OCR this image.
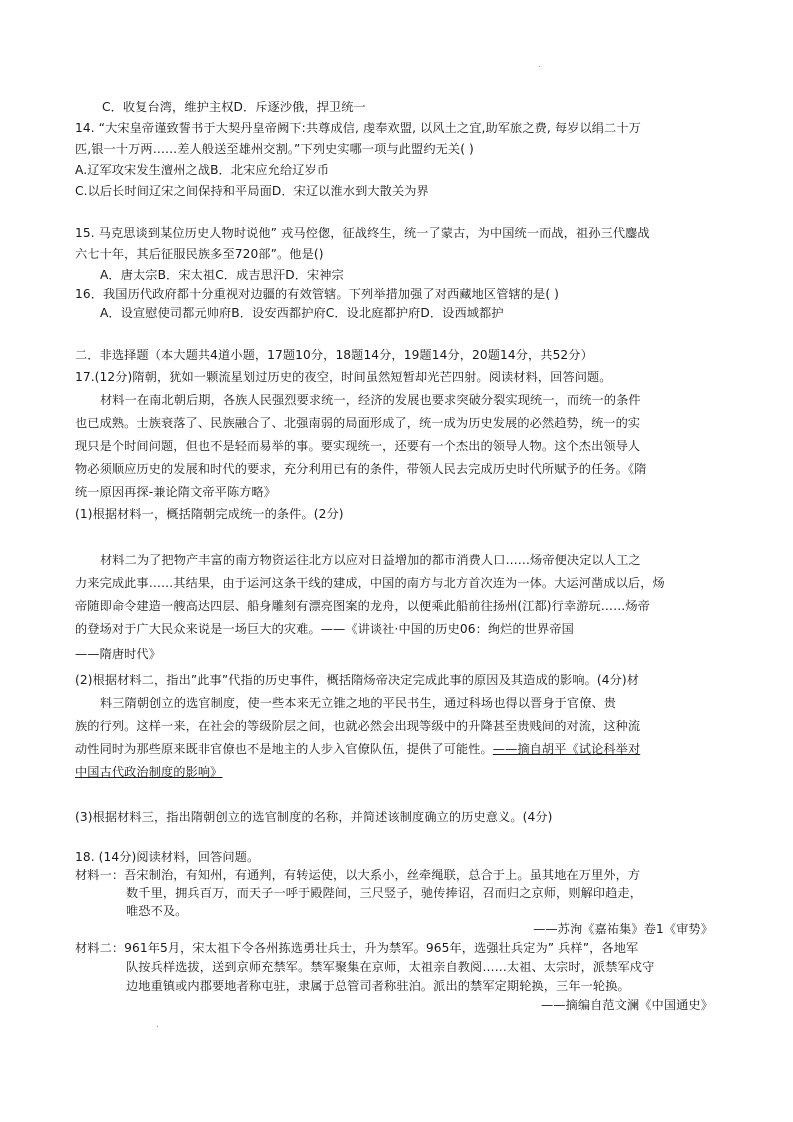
.

C．收复台湾，维护主权D．斥逐沙俄，捍卫统一

14. “大宋皇帝谨致誓书于大契丹皇帝阙下:共尊成信, 虔奉欢盟, 以风土之宜,助军旅之费, 每岁以绢二十万

匹,银一十万两……差人般送至雄州交割。”下列史实哪一项与此盟约无关( )

A.辽军攻宋发生澶州之战B．北宋应允给辽岁币

C.以后长时间辽宋之间保持和平局面D．宋辽以淮水到大散关为界

15. 马克思谈到某位历史人物时说他” 戎马倥偬，征战终生，统一了蒙古，为中国统一而战，祖孙三代鏖战

六七十年，其后征服民族多至720部”。他是()

A．唐太宗B．宋太祖C．成吉思汗D．宋神宗

16．我国历代政府都十分重视对边疆的有效管辖。下列举措加强了对西藏地区管辖的是( )

A．设宣慰使司都元帅府B．设安西都护府C．设北庭都护府D．设西域都护

二．非选择题（本大题共4道小题，17题10分，18题14分，19题14分，20题14分，共52分）

17.(12分)隋朝，犹如一颗流星划过历史的夜空，时间虽然短暂却光芒四射。阅读材料，回答问题。

材料一在南北朝后期，各族人民强烈要求统一，经济的发展也要求突破分裂实现统一，而统一的条件

也已成熟。士族衰落了、民族融合了、北强南弱的局面形成了，统一成为历史发展的必然趋势，统一的实

现只是个时间问题，但也不是轻而易举的事。要实现统一，还要有一个杰出的领导人物。这个杰出领导人

物必须顺应历史的发展和时代的要求，充分利用已有的条件，带领人民去完成历史时代所赋予的任务。《隋

统一原因再探-兼论隋文帝平陈方略》

(1)根据材料一，概括隋朝完成统一的条件。(2分)

材料二为了把物产丰富的南方物资运往北方以应对日益增加的都市消费人口……炀帝便决定以人工之

力来完成此事……其结果，由于运河这条干线的建成，中国的南方与北方首次连为一体。大运河凿成以后，炀

帝随即命令建造一艘高达四层、船身雕刻有漂亮图案的龙舟，以便乘此船前往扬州(江都)行幸游玩……炀帝

的登场对于广大民众来说是一场巨大的灾难。——《讲谈社·中国的历史06：绚烂的世界帝国

——隋唐时代》

(2)根据材料二，指出”此事”代指的历史事件，概括隋炀帝决定完成此事的原因及其造成的影响。(4分)材

料三隋朝创立的选官制度，使一些本来无立锥之地的平民书生，通过科场也得以晋身于官僚、贵

族的行列。这样一来，在社会的等级阶层之间，也就必然会出现等级中的升降甚至贵贱间的对流，这种流

动性同时为那些原来既非官僚也不是地主的人步入官僚队伍，提供了可能性。——摘自胡平《试论科举对

中国古代政治制度的影响》

(3)根据材料三，指出隋朝创立的选官制度的名称，并简述该制度确立的历史意义。(4分)

18. (14分)阅读材料，回答问题。

材料一：吾宋制治，有知州，有通判，有转运使，以大系小，丝牵绳联，总合于上。虽其地在万里外，方

数千里，拥兵百万，而天子一呼于殿陛间，三尺竖子，驰传捧诏，召而归之京师，则解印趋走，

唯恐不及。

——苏洵《嘉祐集》卷1《审势》

材料二：961年5月，宋太祖下令各州拣选勇壮兵士，升为禁军。965年，选强壮兵定为” 兵样”，各地军

队按兵样选拔，送到京师充禁军。禁军聚集在京师，太祖亲自教阅……太祖、太宗时，派禁军戍守

边地重镇或内郡要地者称屯驻，隶属于总管司者称驻泊。派出的禁军定期轮换，三年一轮换。

——摘编自范文澜《中国通史》

.
